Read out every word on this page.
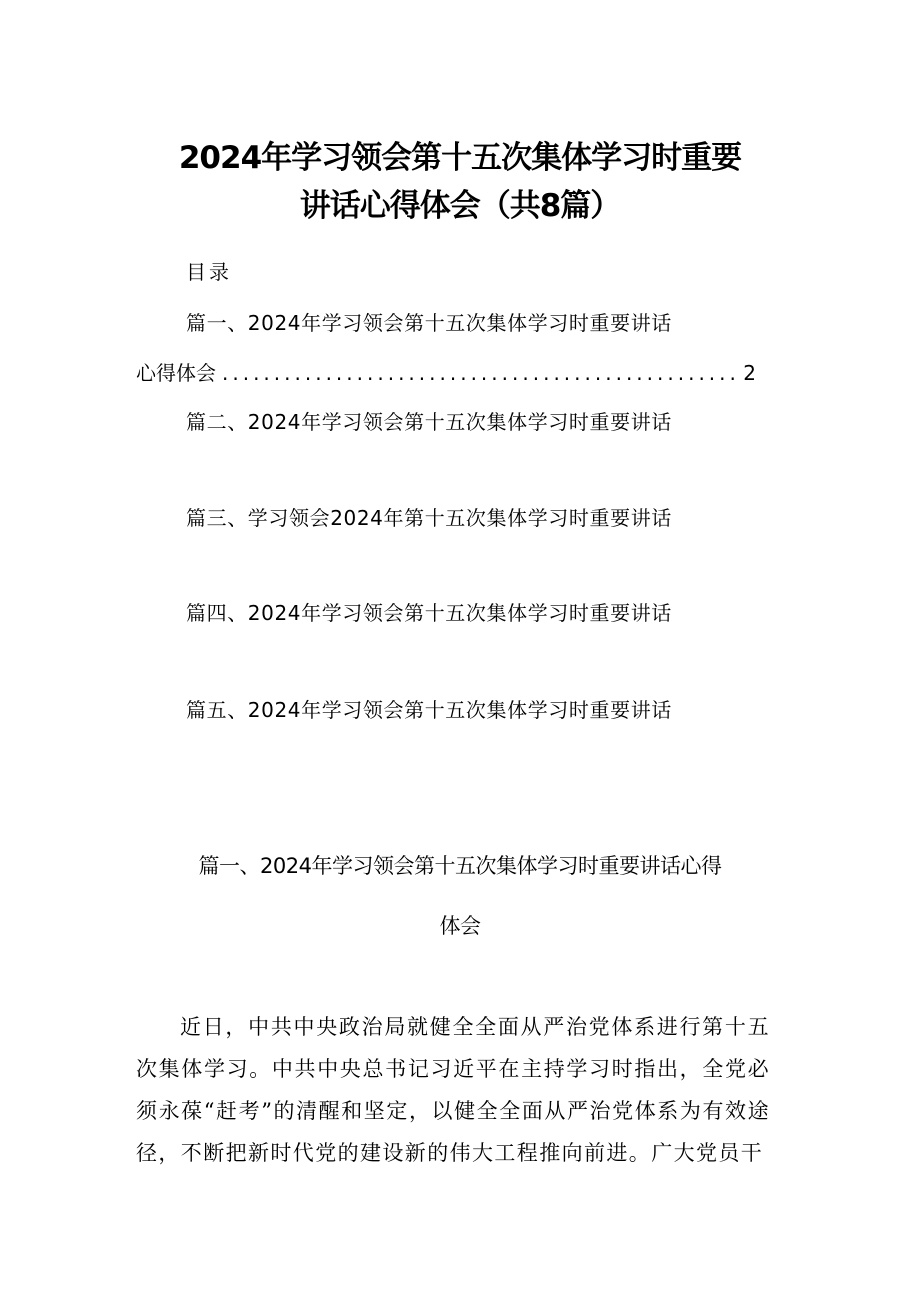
2024年学习领会第十五次集体学习时重要
讲话心得体会（共8篇）
目录
篇一、2024年学习领会第十五次集体学习时重要讲话
心得体会
.....	2
篇二、2024年学习领会第十五次集体学习时重要讲话
篇三、学习领会2024年第十五次集体学习时重要讲话
篇四、2024年学习领会第十五次集体学习时重要讲话
篇五、2024年学习领会第十五次集体学习时重要讲话
篇一、2024年学习领会第十五次集体学习时重要讲话心得
体会
近日，中共中央政治局就健全全面从严治党体系进行第十五次集体学习。中共中央总书记习近平在主持学习时指出，全党必须永葆“赶考”的清醒和坚定，以健全全面从严治党体系为有效途径，不断把新时代党的建设新的伟大工程推向前进。广大党员干
